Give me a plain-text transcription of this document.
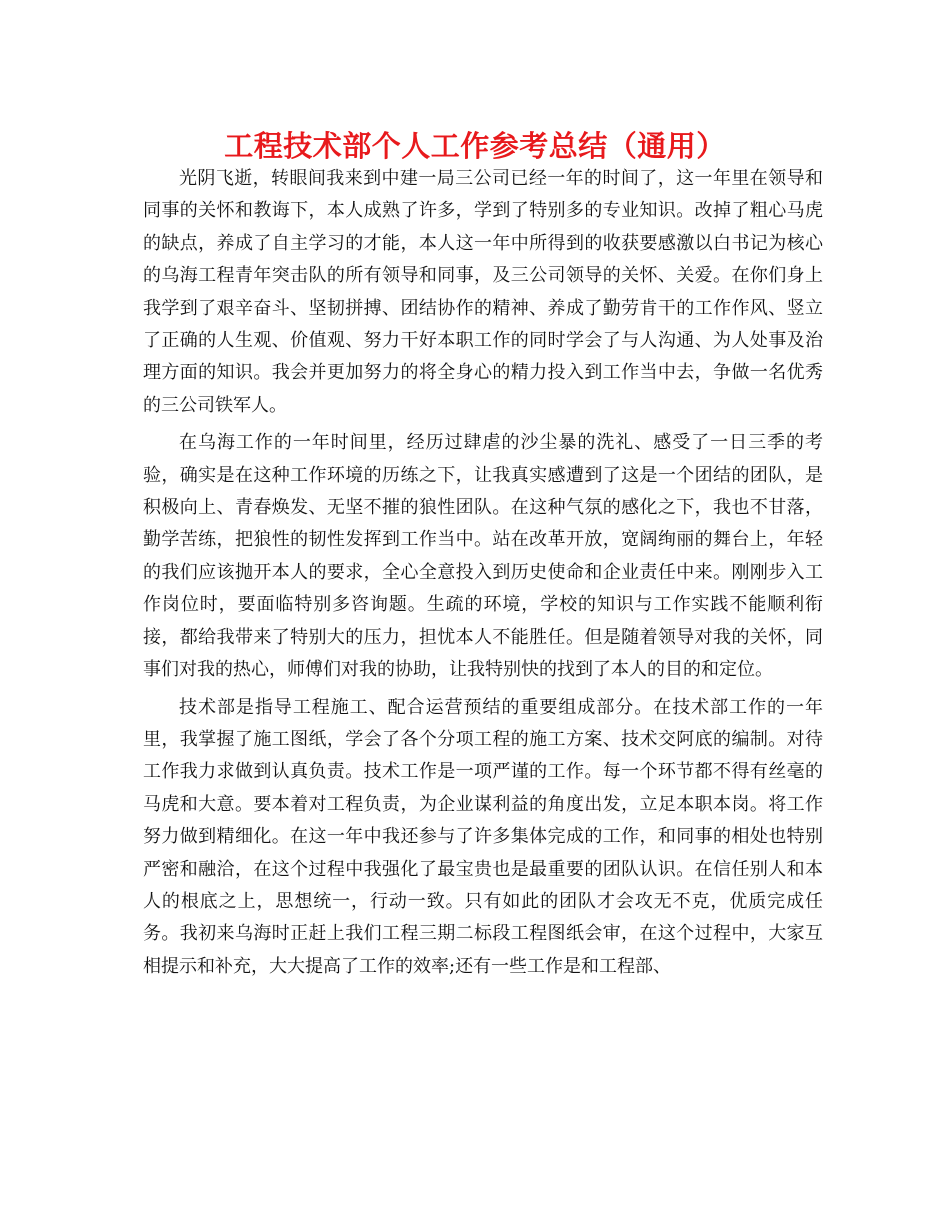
工程技术部个人工作参考总结（通用）

光阴飞逝，转眼间我来到中建一局三公司已经一年的时间了，这一年里在领导和同事的关怀和教诲下，本人成熟了许多，学到了特别多的专业知识。改掉了粗心马虎的缺点，养成了自主学习的才能，本人这一年中所得到的收获要感激以白书记为核心的乌海工程青年突击队的所有领导和同事，及三公司领导的关怀、关爱。在你们身上我学到了艰辛奋斗、坚韧拼搏、团结协作的精神、养成了勤劳肯干的工作作风、竖立了正确的人生观、价值观、努力干好本职工作的同时学会了与人沟通、为人处事及治理方面的知识。我会并更加努力的将全身心的精力投入到工作当中去，争做一名优秀的三公司铁军人。

在乌海工作的一年时间里，经历过肆虐的沙尘暴的洗礼、感受了一日三季的考验，确实是在这种工作环境的历练之下，让我真实感遭到了这是一个团结的团队，是积极向上、青春焕发、无坚不摧的狼性团队。在这种气氛的感化之下，我也不甘落，勤学苦练，把狼性的韧性发挥到工作当中。站在改革开放，宽阔绚丽的舞台上，年轻的我们应该抛开本人的要求，全心全意投入到历史使命和企业责任中来。刚刚步入工作岗位时，要面临特别多咨询题。生疏的环境，学校的知识与工作实践不能顺利衔接，都给我带来了特别大的压力，担忧本人不能胜任。但是随着领导对我的关怀，同事们对我的热心，师傅们对我的协助，让我特别快的找到了本人的目的和定位。

技术部是指导工程施工、配合运营预结的重要组成部分。在技术部工作的一年里，我掌握了施工图纸，学会了各个分项工程的施工方案、技术交阿底的编制。对待工作我力求做到认真负责。技术工作是一项严谨的工作。每一个环节都不得有丝毫的马虎和大意。要本着对工程负责，为企业谋利益的角度出发，立足本职本岗。将工作努力做到精细化。在这一年中我还参与了许多集体完成的工作，和同事的相处也特别严密和融洽，在这个过程中我强化了最宝贵也是最重要的团队认识。在信任别人和本人的根底之上，思想统一，行动一致。只有如此的团队才会攻无不克，优质完成任务。我初来乌海时正赶上我们工程三期二标段工程图纸会审，在这个过程中，大家互相提示和补充，大大提高了工作的效率;还有一些工作是和工程部、
